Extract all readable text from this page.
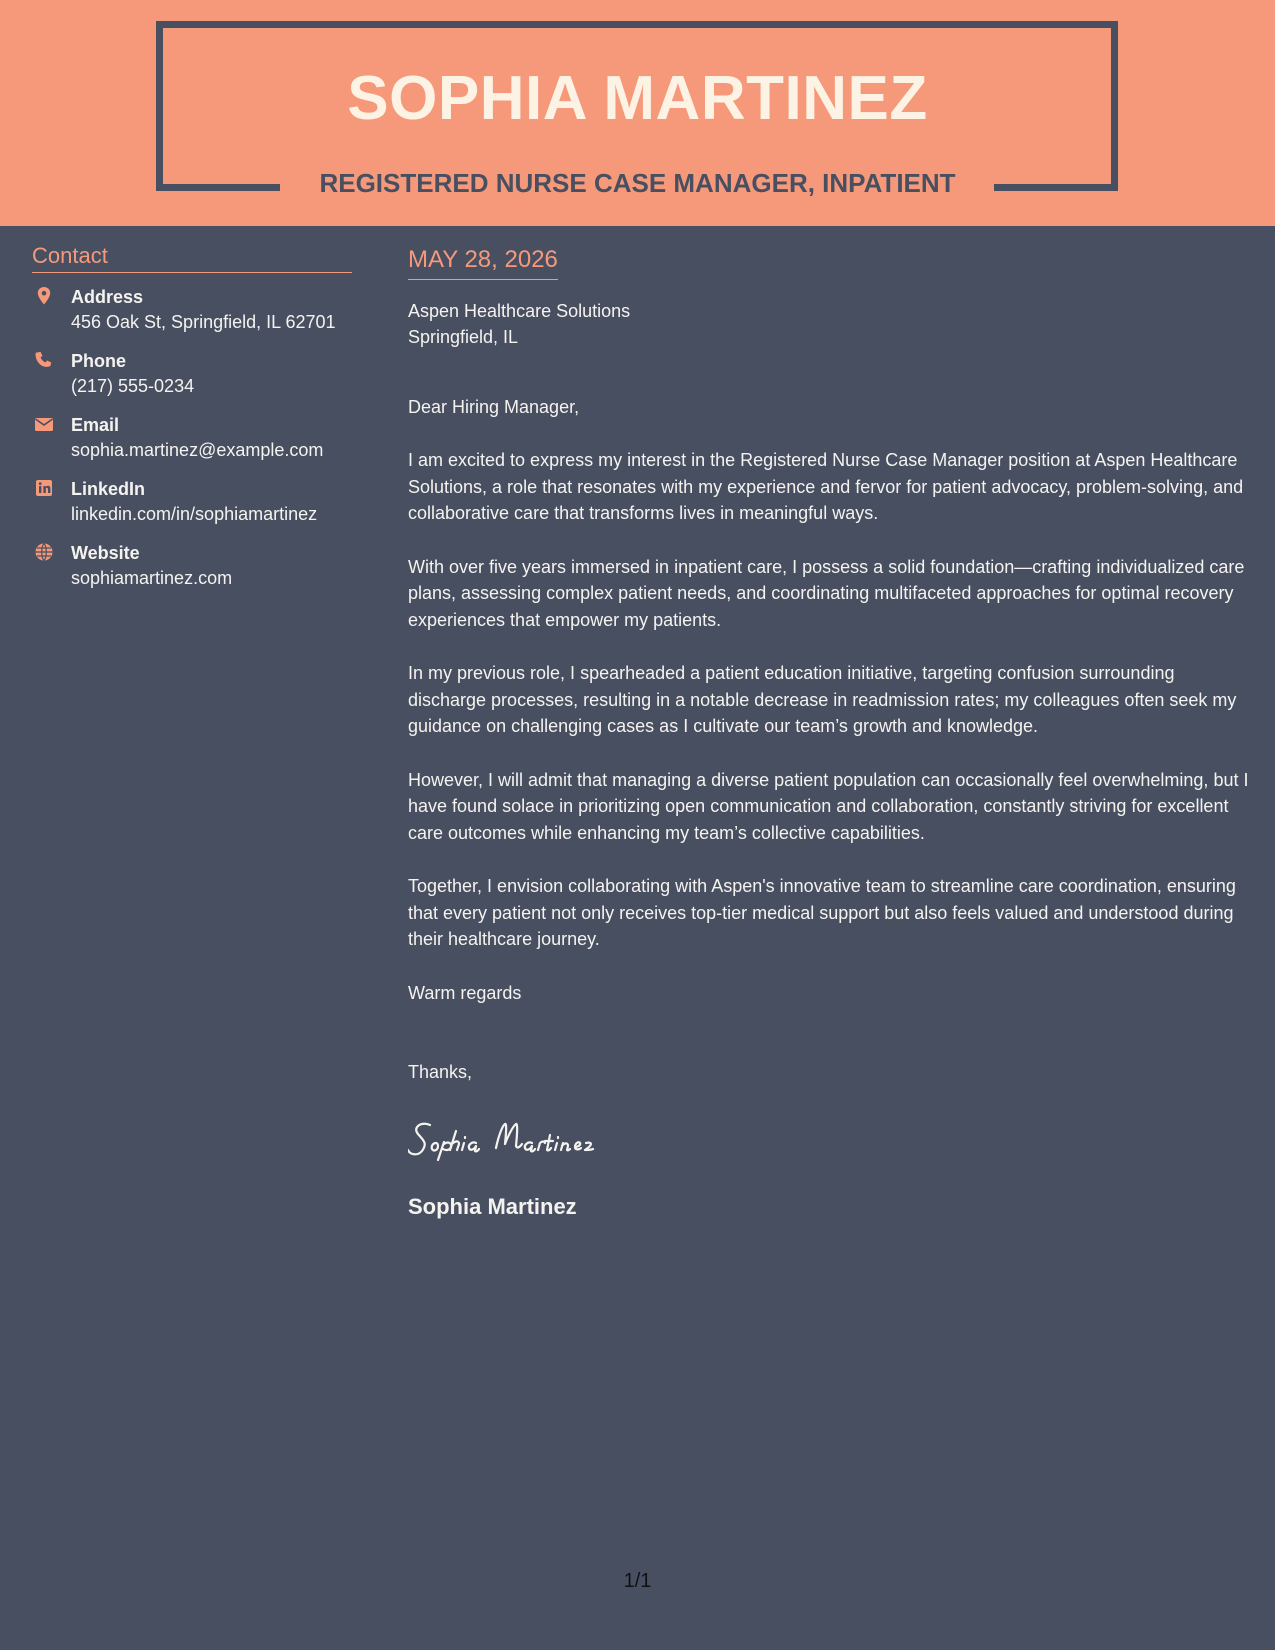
SOPHIA MARTINEZ
REGISTERED NURSE CASE MANAGER, INPATIENT
Contact
Address
456 Oak St, Springfield, IL 62701
Phone
(217) 555-0234
Email
sophia.martinez@example.com
LinkedIn
linkedin.com/in/sophiamartinez
Website
sophiamartinez.com
MAY 28, 2026
Aspen Healthcare Solutions
Springfield, IL
Dear Hiring Manager,
I am excited to express my interest in the Registered Nurse Case Manager position at Aspen Healthcare Solutions, a role that resonates with my experience and fervor for patient advocacy, problem-solving, and collaborative care that transforms lives in meaningful ways.
With over five years immersed in inpatient care, I possess a solid foundation—crafting individualized care plans, assessing complex patient needs, and coordinating multifaceted approaches for optimal recovery experiences that empower my patients.
In my previous role, I spearheaded a patient education initiative, targeting confusion surrounding discharge processes, resulting in a notable decrease in readmission rates; my colleagues often seek my guidance on challenging cases as I cultivate our team’s growth and knowledge.
However, I will admit that managing a diverse patient population can occasionally feel overwhelming, but I have found solace in prioritizing open communication and collaboration, constantly striving for excellent care outcomes while enhancing my team’s collective capabilities.
Together, I envision collaborating with Aspen's innovative team to streamline care coordination, ensuring that every patient not only receives top-tier medical support but also feels valued and understood during their healthcare journey.
Warm regards
Thanks,
Sophia Martinez
1/1
